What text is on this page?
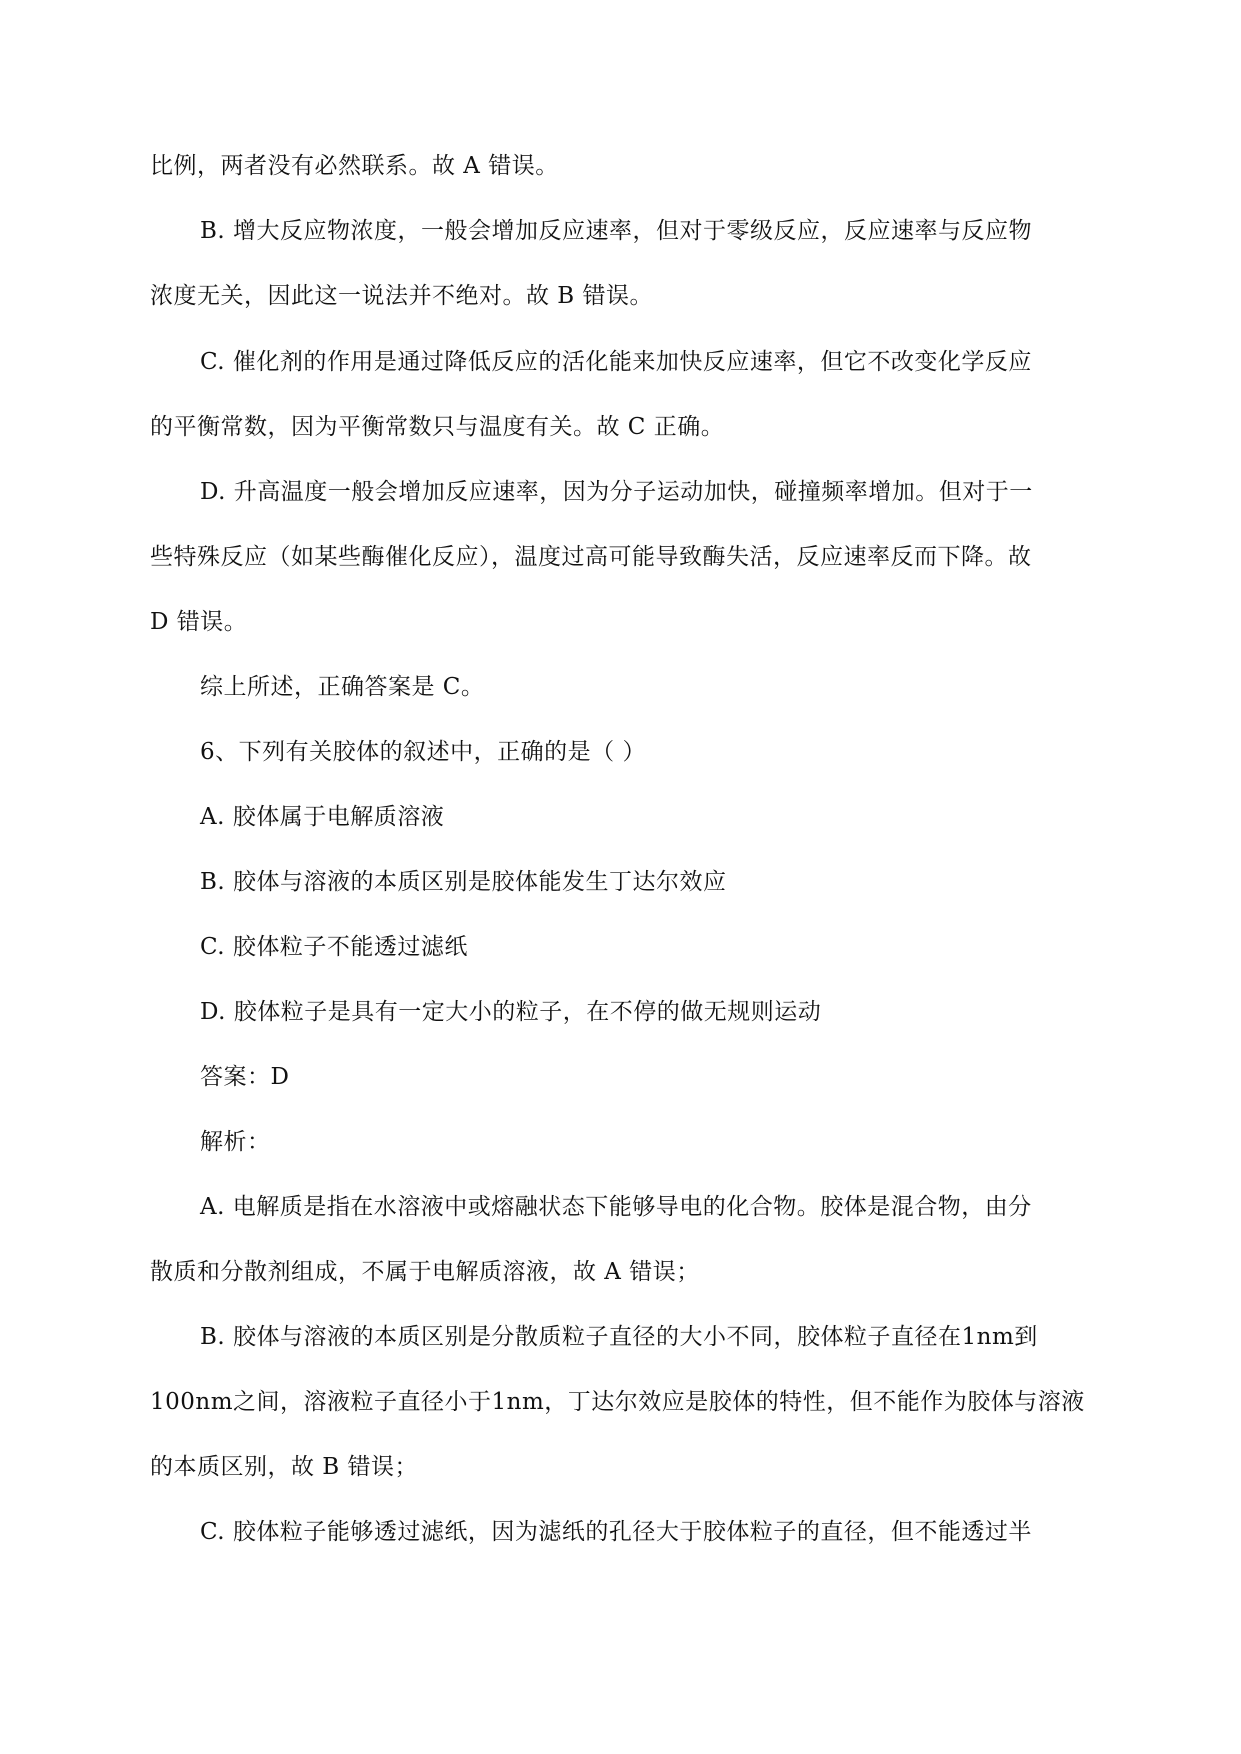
比例，两者没有必然联系。故 A 错误。
B. 增大反应物浓度，一般会增加反应速率，但对于零级反应，反应速率与反应物
浓度无关，因此这一说法并不绝对。故 B 错误。
C. 催化剂的作用是通过降低反应的活化能来加快反应速率，但它不改变化学反应
的平衡常数，因为平衡常数只与温度有关。故 C 正确。
D. 升高温度一般会增加反应速率，因为分子运动加快，碰撞频率增加。但对于一
些特殊反应（如某些酶催化反应），温度过高可能导致酶失活，反应速率反而下降。故
D 错误。
综上所述，正确答案是 C。
6、下列有关胶体的叙述中，正确的是（ ）
A. 胶体属于电解质溶液
B. 胶体与溶液的本质区别是胶体能发生丁达尔效应
C. 胶体粒子不能透过滤纸
D. 胶体粒子是具有一定大小的粒子，在不停的做无规则运动
答案：D
解析：
A. 电解质是指在水溶液中或熔融状态下能够导电的化合物。胶体是混合物，由分
散质和分散剂组成，不属于电解质溶液，故 A 错误；
B. 胶体与溶液的本质区别是分散质粒子直径的大小不同，胶体粒子直径在1nm到
100nm之间，溶液粒子直径小于1nm，丁达尔效应是胶体的特性，但不能作为胶体与溶液
的本质区别，故 B 错误；
C. 胶体粒子能够透过滤纸，因为滤纸的孔径大于胶体粒子的直径，但不能透过半
